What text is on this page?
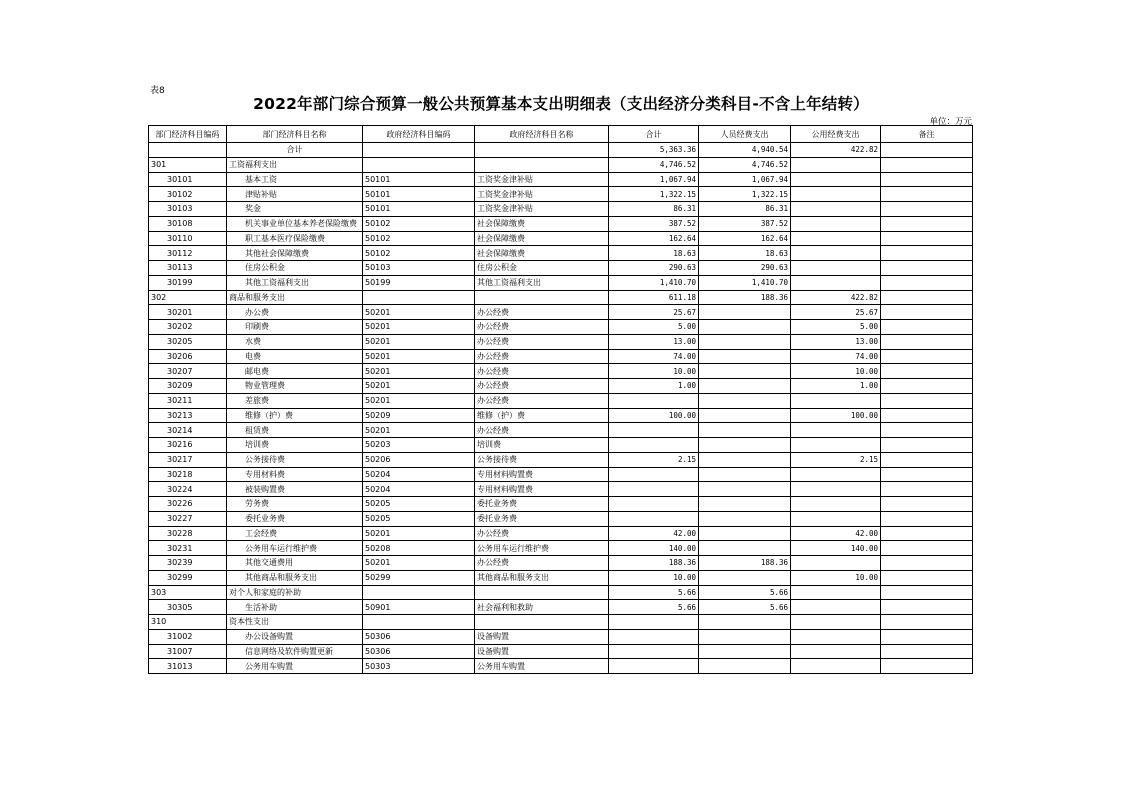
表8
2022年部门综合预算一般公共预算基本支出明细表（支出经济分类科目-不含上年结转）
单位：万元
部门经济科目编码	部门经济科目名称	政府经济科目编码	政府经济科目名称	合计	人员经费支出	公用经费支出	备注
	合计			5,363.36	4,940.54	422.82	
301	工资福利支出			4,746.52	4,746.52		
30101	基本工资	50101	工资奖金津补贴	1,067.94	1,067.94		
30102	津贴补贴	50101	工资奖金津补贴	1,322.15	1,322.15		
30103	奖金	50101	工资奖金津补贴	86.31	86.31		
30108	机关事业单位基本养老保险缴费	50102	社会保障缴费	387.52	387.52		
30110	职工基本医疗保险缴费	50102	社会保障缴费	162.64	162.64		
30112	其他社会保障缴费	50102	社会保障缴费	18.63	18.63		
30113	住房公积金	50103	住房公积金	290.63	290.63		
30199	其他工资福利支出	50199	其他工资福利支出	1,410.70	1,410.70		
302	商品和服务支出			611.18	188.36	422.82	
30201	办公费	50201	办公经费	25.67		25.67	
30202	印刷费	50201	办公经费	5.00		5.00	
30205	水费	50201	办公经费	13.00		13.00	
30206	电费	50201	办公经费	74.00		74.00	
30207	邮电费	50201	办公经费	10.00		10.00	
30209	物业管理费	50201	办公经费	1.00		1.00	
30211	差旅费	50201	办公经费				
30213	维修（护）费	50209	维修（护）费	100.00		100.00	
30214	租赁费	50201	办公经费				
30216	培训费	50203	培训费				
30217	公务接待费	50206	公务接待费	2.15		2.15	
30218	专用材料费	50204	专用材料购置费				
30224	被装购置费	50204	专用材料购置费				
30226	劳务费	50205	委托业务费				
30227	委托业务费	50205	委托业务费				
30228	工会经费	50201	办公经费	42.00		42.00	
30231	公务用车运行维护费	50208	公务用车运行维护费	140.00		140.00	
30239	其他交通费用	50201	办公经费	188.36	188.36		
30299	其他商品和服务支出	50299	其他商品和服务支出	10.00		10.00	
303	对个人和家庭的补助			5.66	5.66		
30305	生活补助	50901	社会福利和救助	5.66	5.66		
310	资本性支出						
31002	办公设备购置	50306	设备购置				
31007	信息网络及软件购置更新	50306	设备购置				
31013	公务用车购置	50303	公务用车购置				
